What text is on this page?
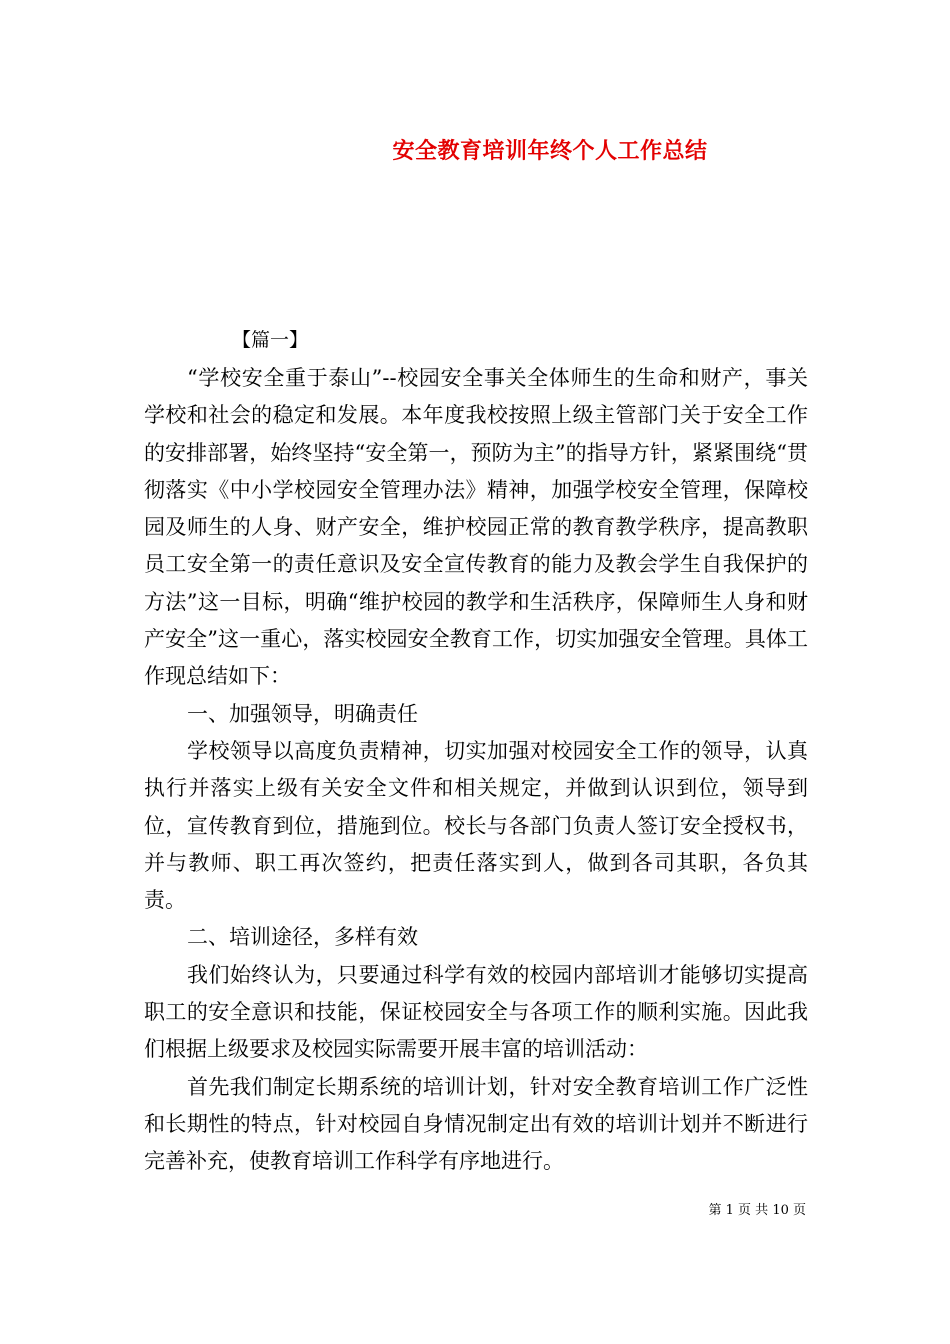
安全教育培训年终个人工作总结

【篇一】

“学校安全重于泰山”--校园安全事关全体师生的生命和财产，事关学校和社会的稳定和发展。本年度我校按照上级主管部门关于安全工作的安排部署，始终坚持“安全第一，预防为主”的指导方针，紧紧围绕“贯彻落实《中小学校园安全管理办法》精神，加强学校安全管理，保障校园及师生的人身、财产安全，维护校园正常的教育教学秩序，提高教职员工安全第一的责任意识及安全宣传教育的能力及教会学生自我保护的方法”这一目标，明确“维护校园的教学和生活秩序，保障师生人身和财产安全”这一重心，落实校园安全教育工作，切实加强安全管理。具体工作现总结如下：

一、加强领导，明确责任

学校领导以高度负责精神，切实加强对校园安全工作的领导，认真执行并落实上级有关安全文件和相关规定，并做到认识到位，领导到位，宣传教育到位，措施到位。校长与各部门负责人签订安全授权书，并与教师、职工再次签约，把责任落实到人，做到各司其职，各负其责。

二、培训途径，多样有效

我们始终认为，只要通过科学有效的校园内部培训才能够切实提高职工的安全意识和技能，保证校园安全与各项工作的顺利实施。因此我们根据上级要求及校园实际需要开展丰富的培训活动：

首先我们制定长期系统的培训计划，针对安全教育培训工作广泛性和长期性的特点，针对校园自身情况制定出有效的培训计划并不断进行完善补充，使教育培训工作科学有序地进行。

第 1 页 共 10 页
